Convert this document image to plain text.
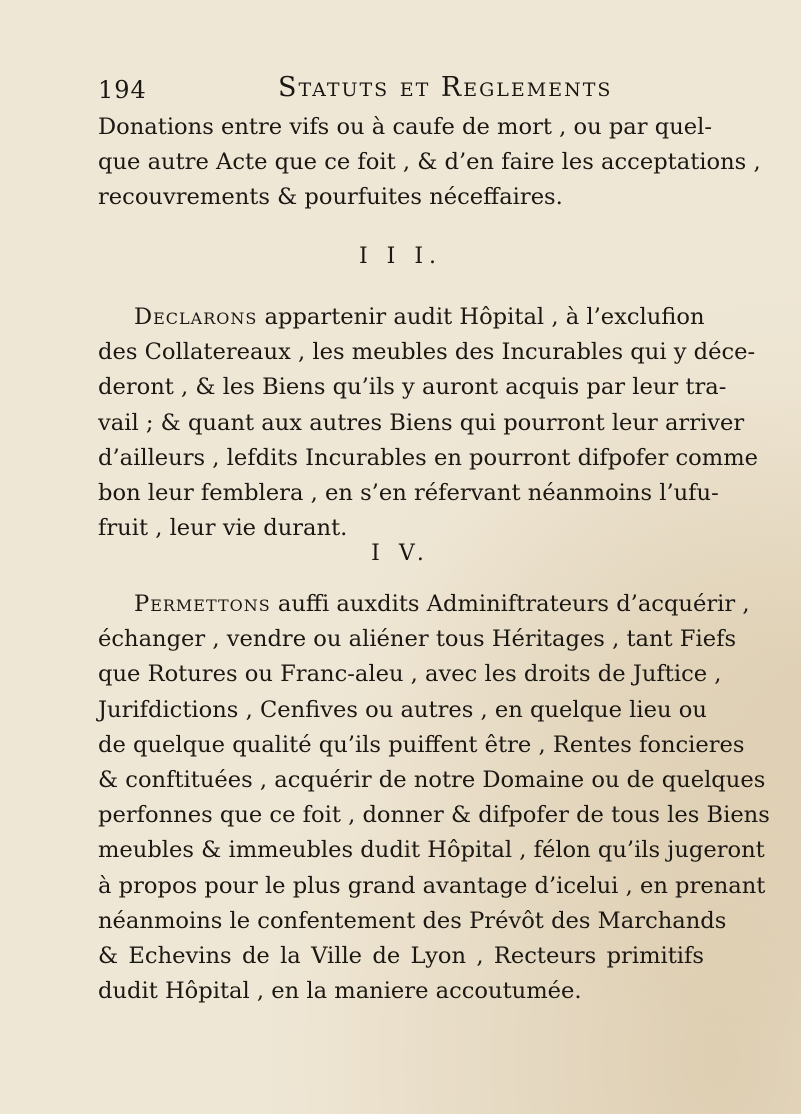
194	Statuts et Reglements
Donations entre vifs ou à caufe de mort , ou par quel-
que autre Acte que ce foit , & d’en faire les acceptations ,
recouvrements & pourfuites néceffaires.
I I I.
Declarons appartenir audit Hôpital , à l’exclufion
des Collatereaux , les meubles des Incurables qui y déce-
deront , & les Biens qu’ils y auront acquis par leur tra-
vail ; & quant aux autres Biens qui pourront leur arriver
d’ailleurs , lefdits Incurables en pourront difpofer comme
bon leur femblera , en s’en réfervant néanmoins l’ufu-
fruit , leur vie durant.
I V.
Permettons auffi auxdits Adminiftrateurs d’acquérir ,
échanger , vendre ou aliéner tous Héritages , tant Fiefs
que Rotures ou Franc-aleu , avec les droits de Juftice ,
Jurifdictions , Cenfives ou autres , en quelque lieu ou
de quelque qualité qu’ils puiffent être , Rentes foncieres
& conftituées , acquérir de notre Domaine ou de quelques
perfonnes que ce foit , donner & difpofer de tous les Biens
meubles & immeubles dudit Hôpital , félon qu’ils jugeront
à propos pour le plus grand avantage d’icelui , en prenant
néanmoins le confentement des Prévôt des Marchands
& Echevins de la Ville de Lyon , Recteurs primitifs
dudit Hôpital , en la maniere accoutumée.
